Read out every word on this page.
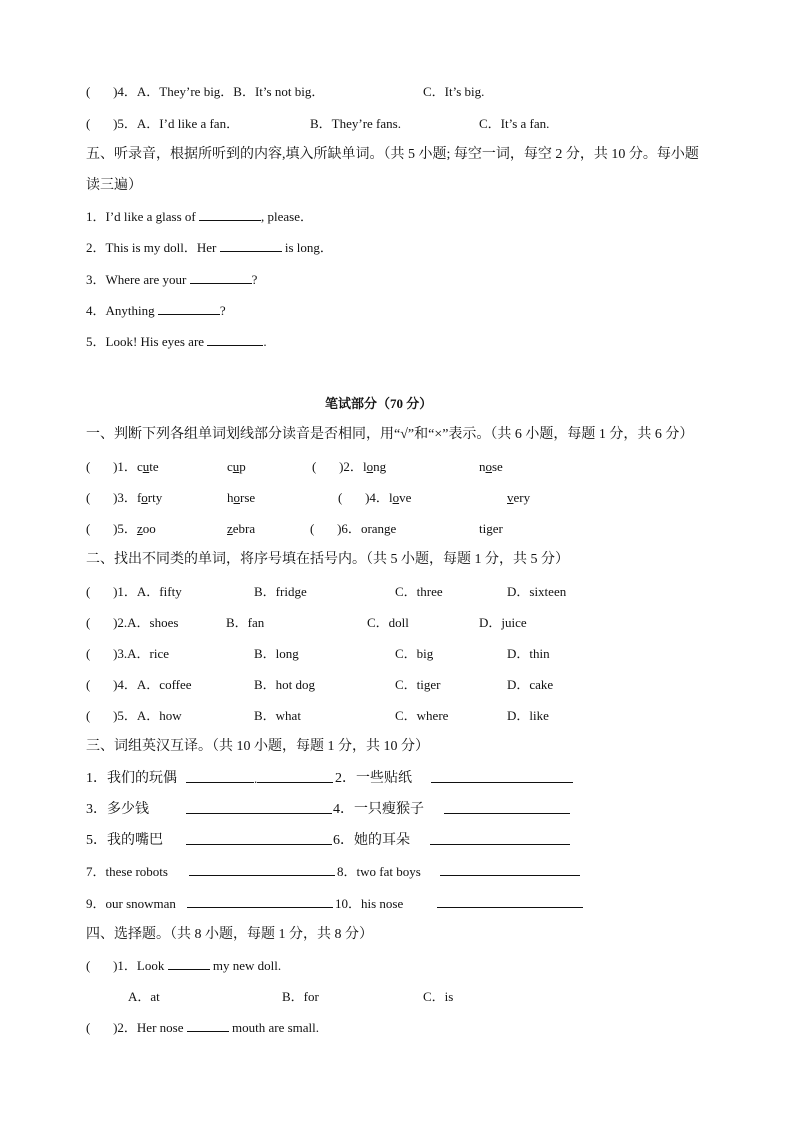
( )4．A．They’re big．B．It’s not big．	C．It’s big.
( )5．A．I’d like a fan．	B．They’re fans.	C．It’s a fan.
五、听录音，根据所听到的内容,填入所缺单词。（共 5 小题; 每空一词，每空 2 分，共 10 分。每小题
读三遍）
1．I’d like a glass of	, please．
2．This is my doll．Her	is long．
3．Where are your	?
4．Anything	?
5．Look! His eyes are	.
笔试部分（70 分）
一、判断下列各组单词划线部分读音是否相同，用“√”和“×”表示。（共 6 小题，每题 1 分，共 6 分）
( )1．cute	cup	( )2．long	nose
( )3．forty	horse	( )4．love	very
( )5．zoo	zebra	( )6．orange	tiger
二、找出不同类的单词，将序号填在括号内。（共 5 小题，每题 1 分，共 5 分）
( )1．A．fifty	B．fridge	C．three	D．sixteen
( )2.A．shoes	B．fan	C．doll	D．juice
( )3.A．rice	B．long	C．big	D．thin
( )4．A．coffee	B．hot dog	C．tiger	D．cake
( )5．A．how	B．what	C．where	D．like
三、词组英汉互译。（共 10 小题，每题 1 分，共 10 分）
1．我们的玩偶	.	2．一些贴纸
3．多少钱	4．一只瘦猴子
5．我的嘴巴	6．她的耳朵
7．these robots	8．two fat boys
9．our snowman	10．his nose
四、选择题。（共 8 小题，每题 1 分，共 8 分）
( )1．Look	my new doll.
A．at	B．for	C．is
( )2．Her nose	mouth are small.
